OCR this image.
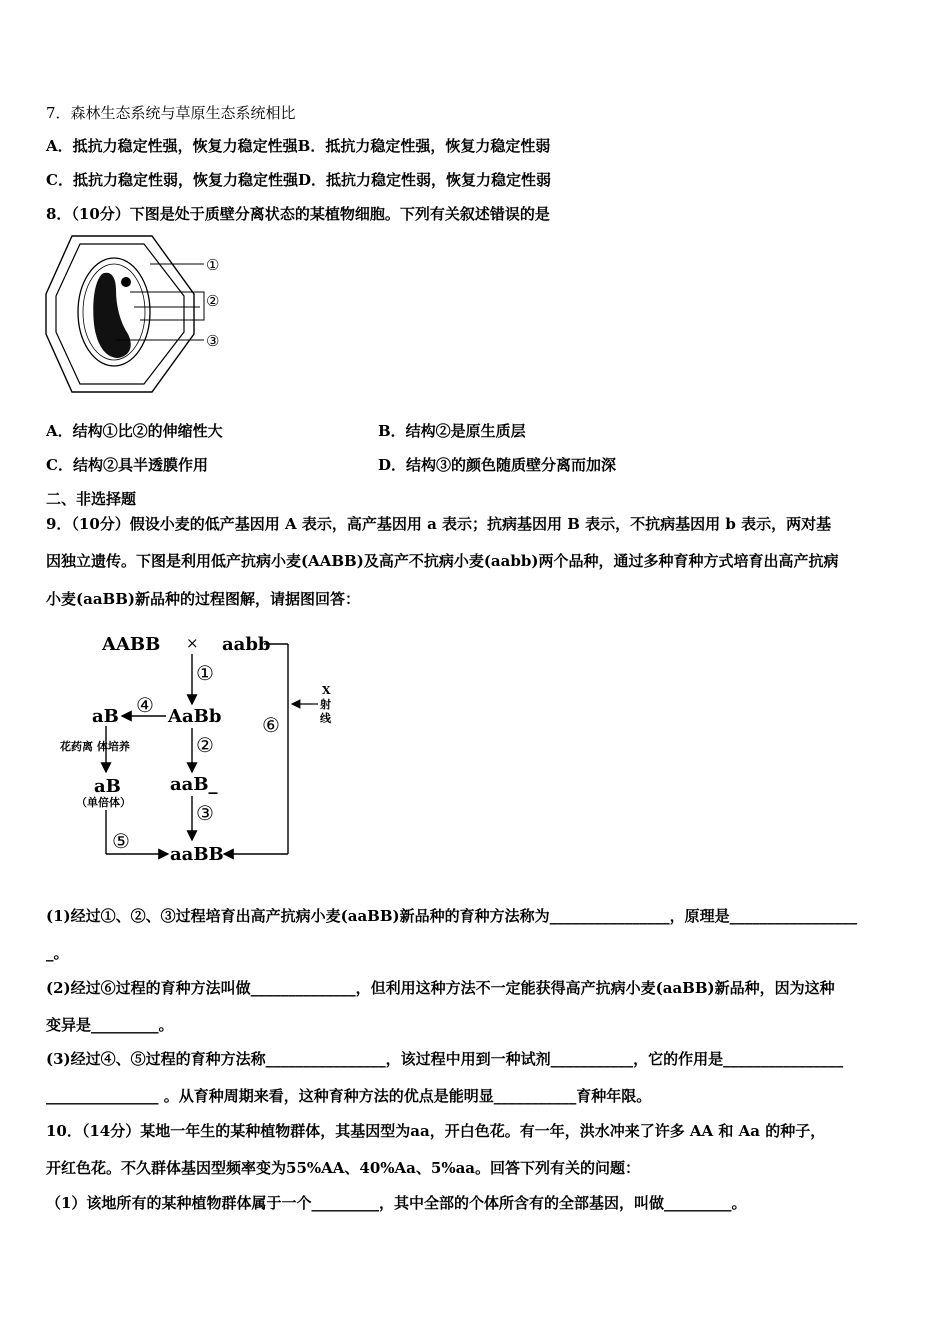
7．森林生态系统与草原生态系统相比
A．抵抗力稳定性强，恢复力稳定性强B．抵抗力稳定性强，恢复力稳定性弱
C．抵抗力稳定性弱，恢复力稳定性强D．抵抗力稳定性弱，恢复力稳定性弱
8．（10分）下图是处于质壁分离状态的某植物细胞。下列有关叙述错误的是
①
②
③
A．结构①比②的伸缩性大	B．结构②是原生质层
C．结构②具半透膜作用	D．结构③的颜色随质壁分离而加深
二、非选择题
9．（10分）假设小麦的低产基因用 A 表示，高产基因用 a 表示；抗病基因用 B 表示，不抗病基因用 b 表示，两对基
因独立遗传。下图是利用低产抗病小麦(AABB)及高产不抗病小麦(aabb)两个品种，通过多种育种方式培育出高产抗病
小麦(aaBB)新品种的过程图解，请据图回答：
AABB × aabb
X
射
线
⑥
①
AaBb
④
aB
花药离 体培养
aB
（单倍体）
⑤
②
aaB_
③
aaBB
(1)经过①、②、③过程培育出高产抗病小麦(aaBB)新品种的育种方法称为________________，原理是_________________
_。
(2)经过⑥过程的育种方法叫做______________，但利用这种方法不一定能获得高产抗病小麦(aaBB)新品种，因为这种
变异是_________。
(3)经过④、⑤过程的育种方法称________________，该过程中用到一种试剂___________，它的作用是________________
_______________ 。从育种周期来看，这种育种方法的优点是能明显___________育种年限。
10．（14分）某地一年生的某种植物群体，其基因型为aa，开白色花。有一年，洪水冲来了许多 AA 和 Aa 的种子，
开红色花。不久群体基因型频率变为55%AA、40%Aa、5%aa。回答下列有关的问题：
（1）该地所有的某种植物群体属于一个_________，其中全部的个体所含有的全部基因，叫做_________。
